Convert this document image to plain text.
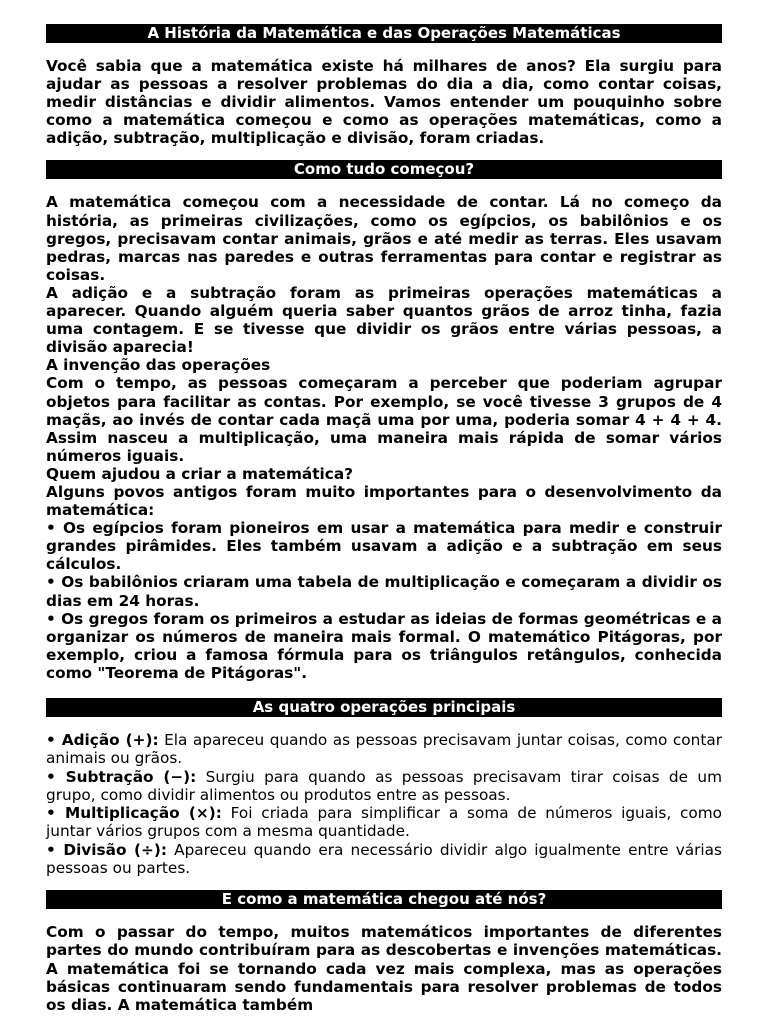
A História da Matemática e das Operações Matemáticas

Você sabia que a matemática existe há milhares de anos? Ela surgiu para ajudar as pessoas a resolver problemas do dia a dia, como contar coisas, medir distâncias e dividir alimentos. Vamos entender um pouquinho sobre como a matemática começou e como as operações matemáticas, como a adição, subtração, multiplicação e divisão, foram criadas.

Como tudo começou?

A matemática começou com a necessidade de contar. Lá no começo da história, as primeiras civilizações, como os egípcios, os babilônios e os gregos, precisavam contar animais, grãos e até medir as terras. Eles usavam pedras, marcas nas paredes e outras ferramentas para contar e registrar as coisas.

A adição e a subtração foram as primeiras operações matemáticas a aparecer. Quando alguém queria saber quantos grãos de arroz tinha, fazia uma contagem. E se tivesse que dividir os grãos entre várias pessoas, a divisão aparecia!

A invenção das operações

Com o tempo, as pessoas começaram a perceber que poderiam agrupar objetos para facilitar as contas. Por exemplo, se você tivesse 3 grupos de 4 maçãs, ao invés de contar cada maçã uma por uma, poderia somar 4 + 4 + 4. Assim nasceu a multiplicação, uma maneira mais rápida de somar vários números iguais.

Quem ajudou a criar a matemática?

Alguns povos antigos foram muito importantes para o desenvolvimento da matemática:

• Os egípcios foram pioneiros em usar a matemática para medir e construir grandes pirâmides. Eles também usavam a adição e a subtração em seus cálculos.

• Os babilônios criaram uma tabela de multiplicação e começaram a dividir os dias em 24 horas.

• Os gregos foram os primeiros a estudar as ideias de formas geométricas e a organizar os números de maneira mais formal. O matemático Pitágoras, por exemplo, criou a famosa fórmula para os triângulos retângulos, conhecida como "Teorema de Pitágoras".

As quatro operações principais

• Adição (+): Ela apareceu quando as pessoas precisavam juntar coisas, como contar animais ou grãos.

• Subtração (−): Surgiu para quando as pessoas precisavam tirar coisas de um grupo, como dividir alimentos ou produtos entre as pessoas.

• Multiplicação (×): Foi criada para simplificar a soma de números iguais, como juntar vários grupos com a mesma quantidade.

• Divisão (÷): Apareceu quando era necessário dividir algo igualmente entre várias pessoas ou partes.

E como a matemática chegou até nós?

Com o passar do tempo, muitos matemáticos importantes de diferentes partes do mundo contribuíram para as descobertas e invenções matemáticas. A matemática foi se tornando cada vez mais complexa, mas as operações básicas continuaram sendo fundamentais para resolver problemas de todos os dias. A matemática também
